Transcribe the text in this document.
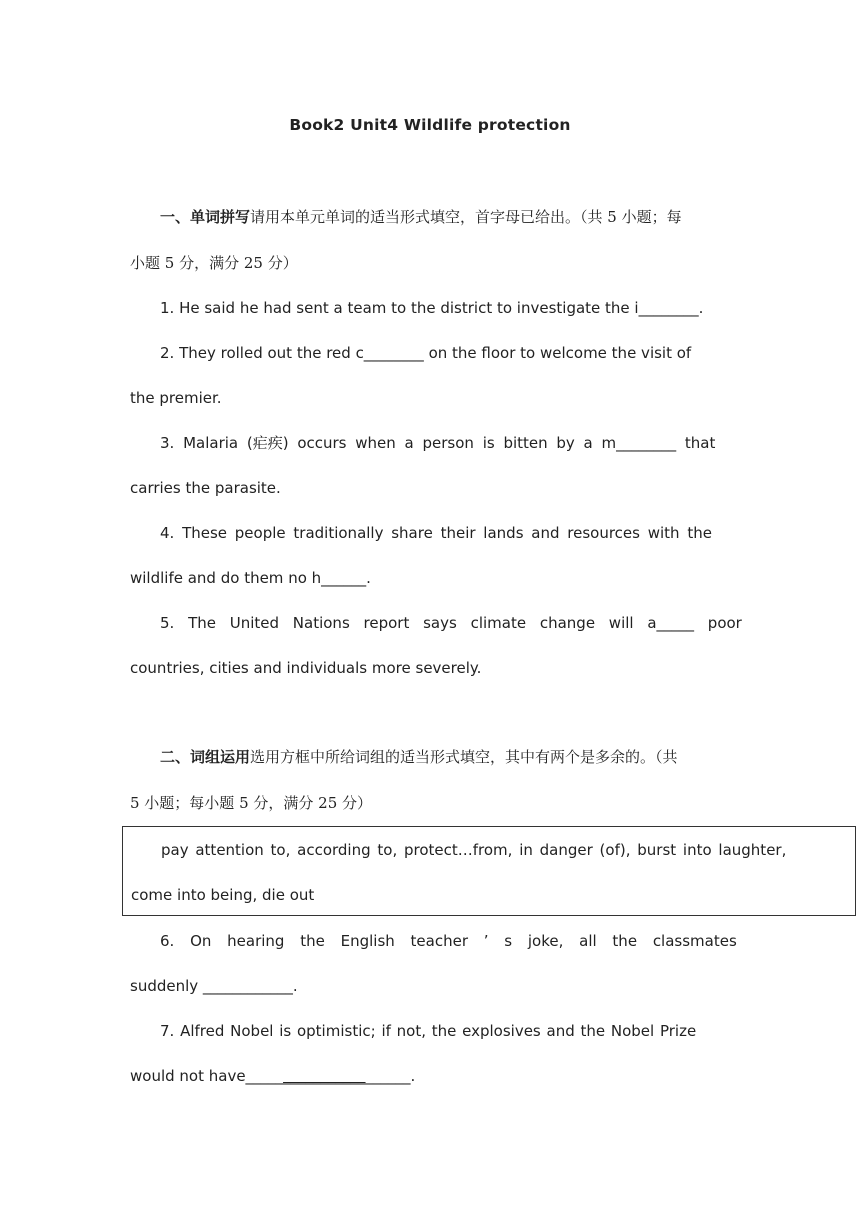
Book2 Unit4 Wildlife protection
一、单词拼写请用本单元单词的适当形式填空，首字母已给出。（共 5 小题；每
小题 5 分，满分 25 分）
1. He said he had sent a team to the district to investigate the i________.
2. They rolled out the red c________ on the floor to welcome the visit of
the premier.
3. Malaria (疟疾) occurs when a person is bitten by a m________ that
carries the parasite.
4. These people traditionally share their lands and resources with the
wildlife and do them no h______.
5. The United Nations report says climate change will a_____ poor
countries, cities and individuals more severely.
二、词组运用选用方框中所给词组的适当形式填空，其中有两个是多余的。（共
5 小题；每小题 5 分，满分 25 分）
pay attention to, according to, protect…from, in danger (of), burst into laughter,
come into being, die out
6. On hearing the English teacher ’ s joke, all the classmates
suddenly ____________.
7. Alfred Nobel is optimistic; if not, the explosives and the Nobel Prize
would not have______________________.
